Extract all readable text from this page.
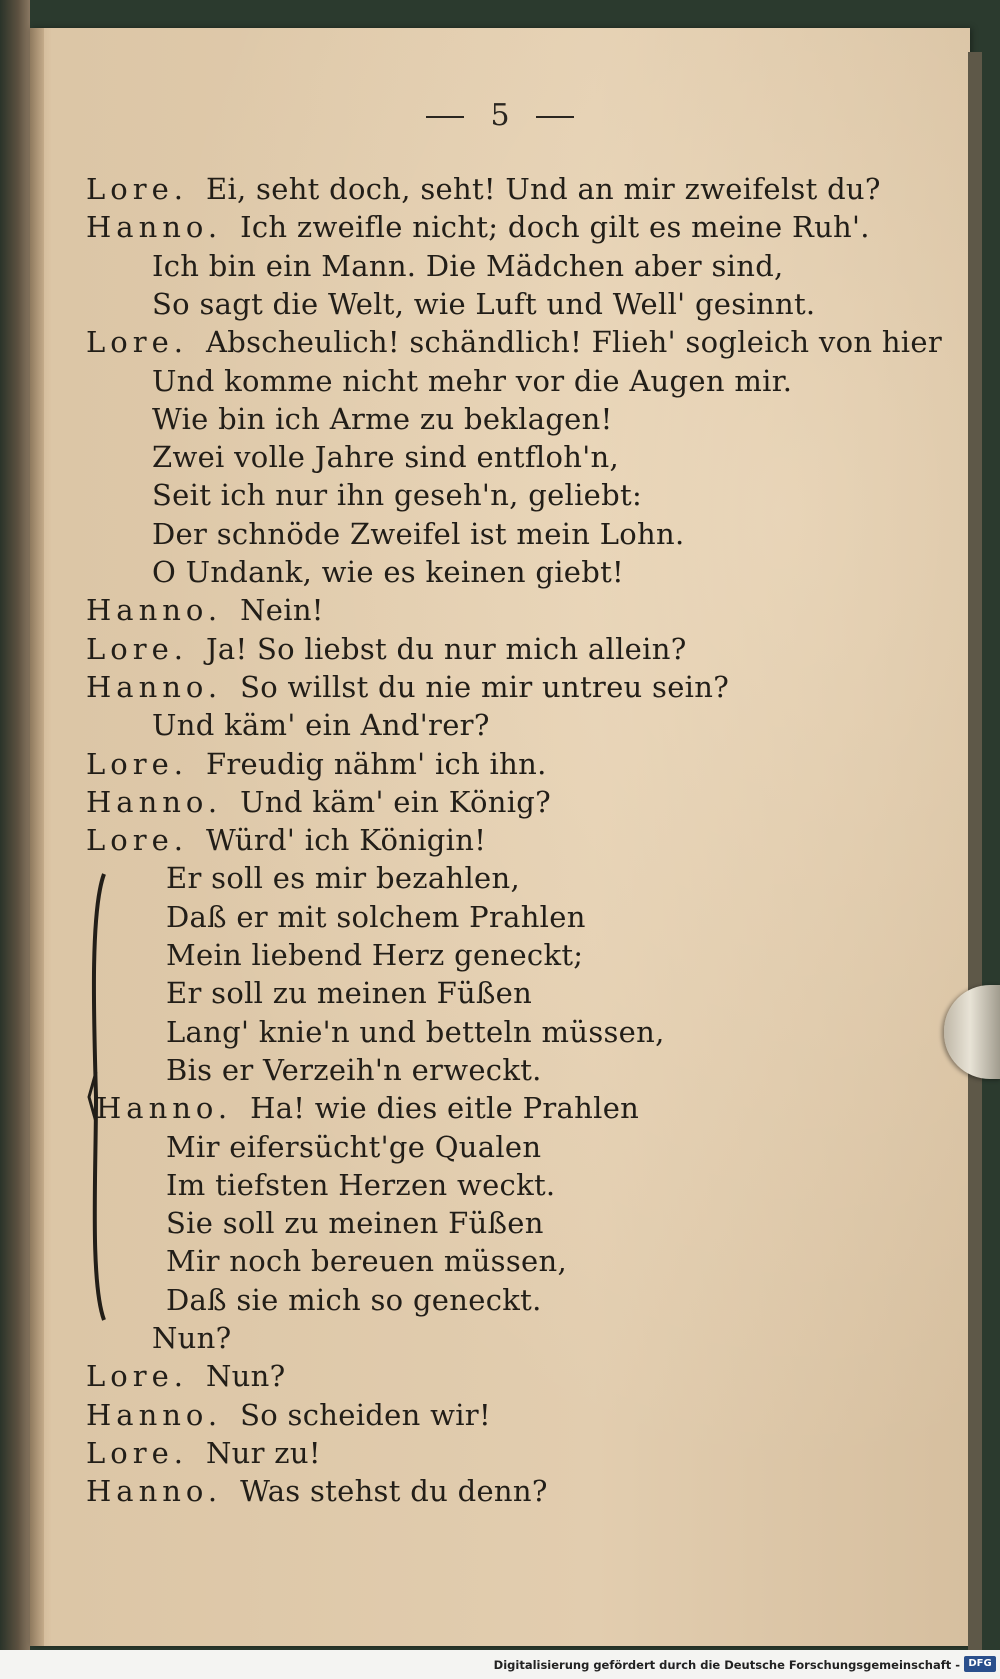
5
Lore. Ei, seht doch, seht! Und an mir zweifelst du?
Hanno. Ich zweifle nicht; doch gilt es meine Ruh'.
Ich bin ein Mann. Die Mädchen aber sind,
So sagt die Welt, wie Luft und Well' gesinnt.
Lore. Abscheulich! schändlich! Flieh' sogleich von hier
Und komme nicht mehr vor die Augen mir.
Wie bin ich Arme zu beklagen!
Zwei volle Jahre sind entfloh'n,
Seit ich nur ihn geseh'n, geliebt:
Der schnöde Zweifel ist mein Lohn.
O Undank, wie es keinen giebt!
Hanno. Nein!
Lore. Ja! So liebst du nur mich allein?
Hanno. So willst du nie mir untreu sein?
Und käm' ein And'rer?
Lore. Freudig nähm' ich ihn.
Hanno. Und käm' ein König?
Lore. Würd' ich Königin!
Er soll es mir bezahlen,
Daß er mit solchem Prahlen
Mein liebend Herz geneckt;
Er soll zu meinen Füßen
Lang' knie'n und betteln müssen,
Bis er Verzeih'n erweckt.
Hanno. Ha! wie dies eitle Prahlen
Mir eifersücht'ge Qualen
Im tiefsten Herzen weckt.
Sie soll zu meinen Füßen
Mir noch bereuen müssen,
Daß sie mich so geneckt.
Nun?
Lore. Nun?
Hanno. So scheiden wir!
Lore. Nur zu!
Hanno. Was stehst du denn?
Digitalisierung gefördert durch die Deutsche Forschungsgemeinschaft - DFG
